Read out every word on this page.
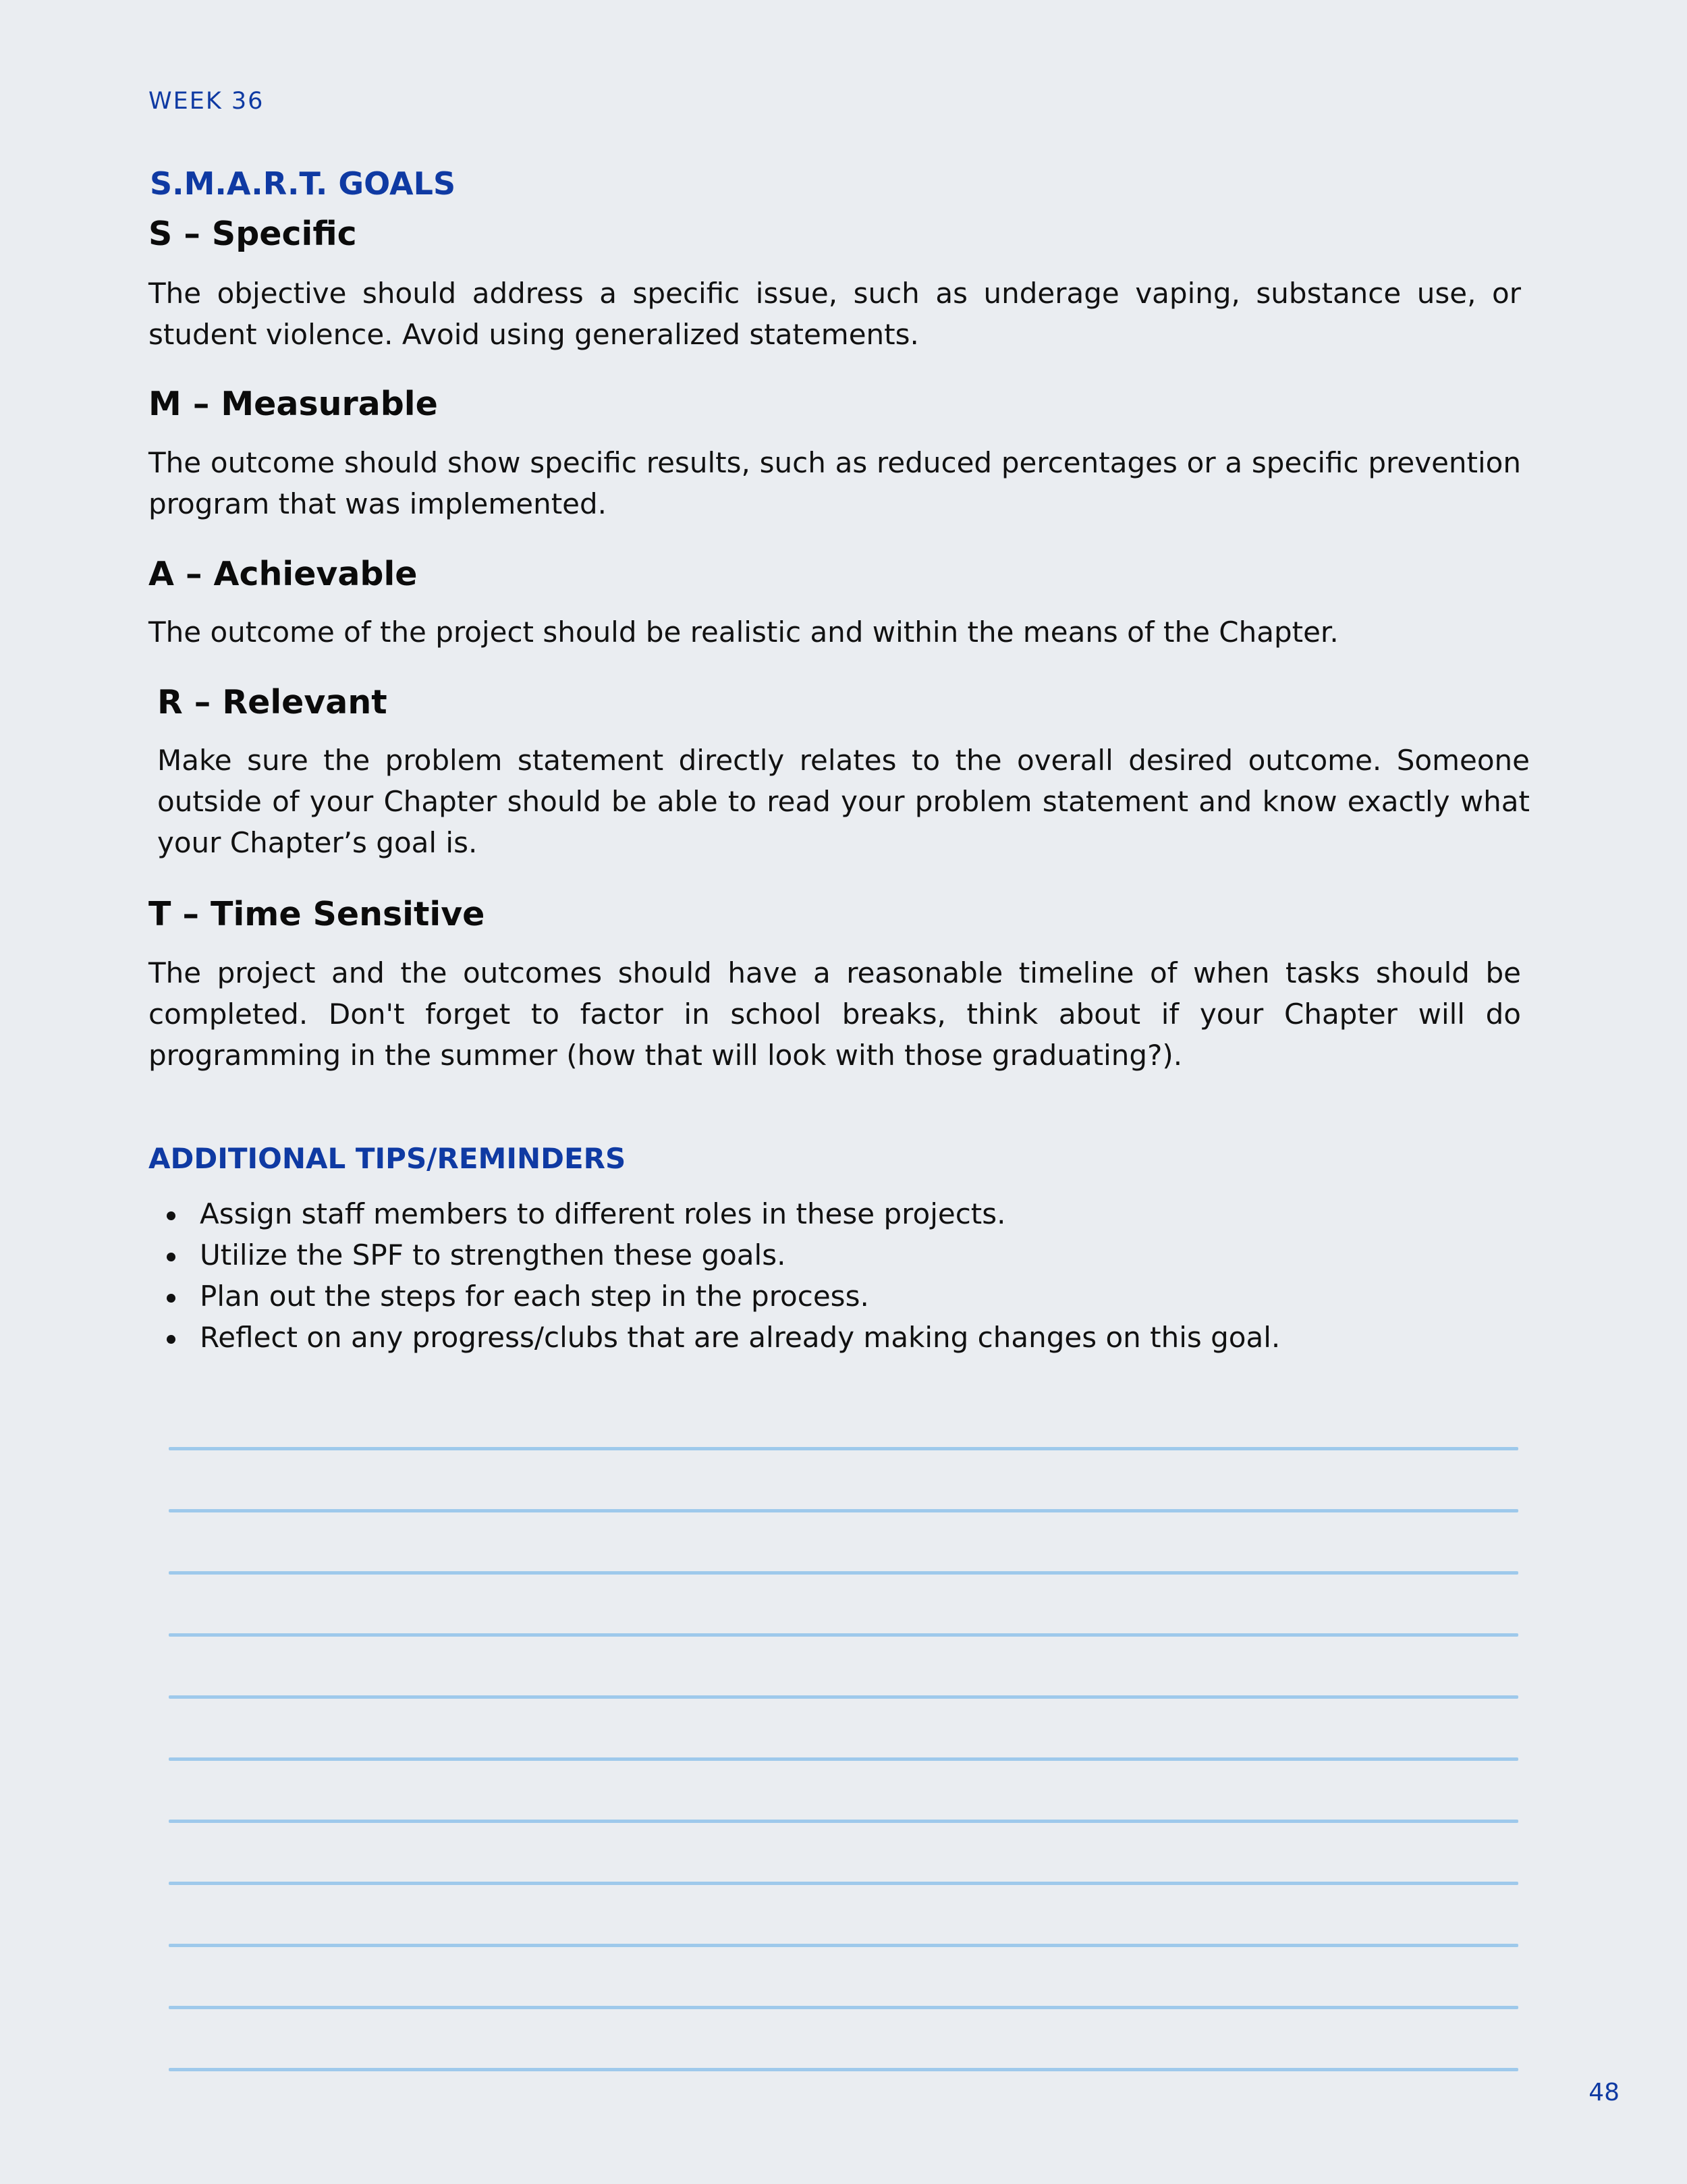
WEEK 36

S.M.A.R.T. GOALS
S – Specific

The objective should address a specific issue, such as underage vaping, substance use, or student violence. Avoid using generalized statements.

M – Measurable

The outcome should show specific results, such as reduced percentages or a specific prevention program that was implemented.

A – Achievable

The outcome of the project should be realistic and within the means of the Chapter.

R – Relevant

Make sure the problem statement directly relates to the overall desired outcome. Someone outside of your Chapter should be able to read your problem statement and know exactly what your Chapter’s goal is.

T – Time Sensitive

The project and the outcomes should have a reasonable timeline of when tasks should be completed. Don't forget to factor in school breaks, think about if your Chapter will do programming in the summer (how that will look with those graduating?).

ADDITIONAL TIPS/REMINDERS
Assign staff members to different roles in these projects.
Utilize the SPF to strengthen these goals.
Plan out the steps for each step in the process.
Reflect on any progress/clubs that are already making changes on this goal.

48
